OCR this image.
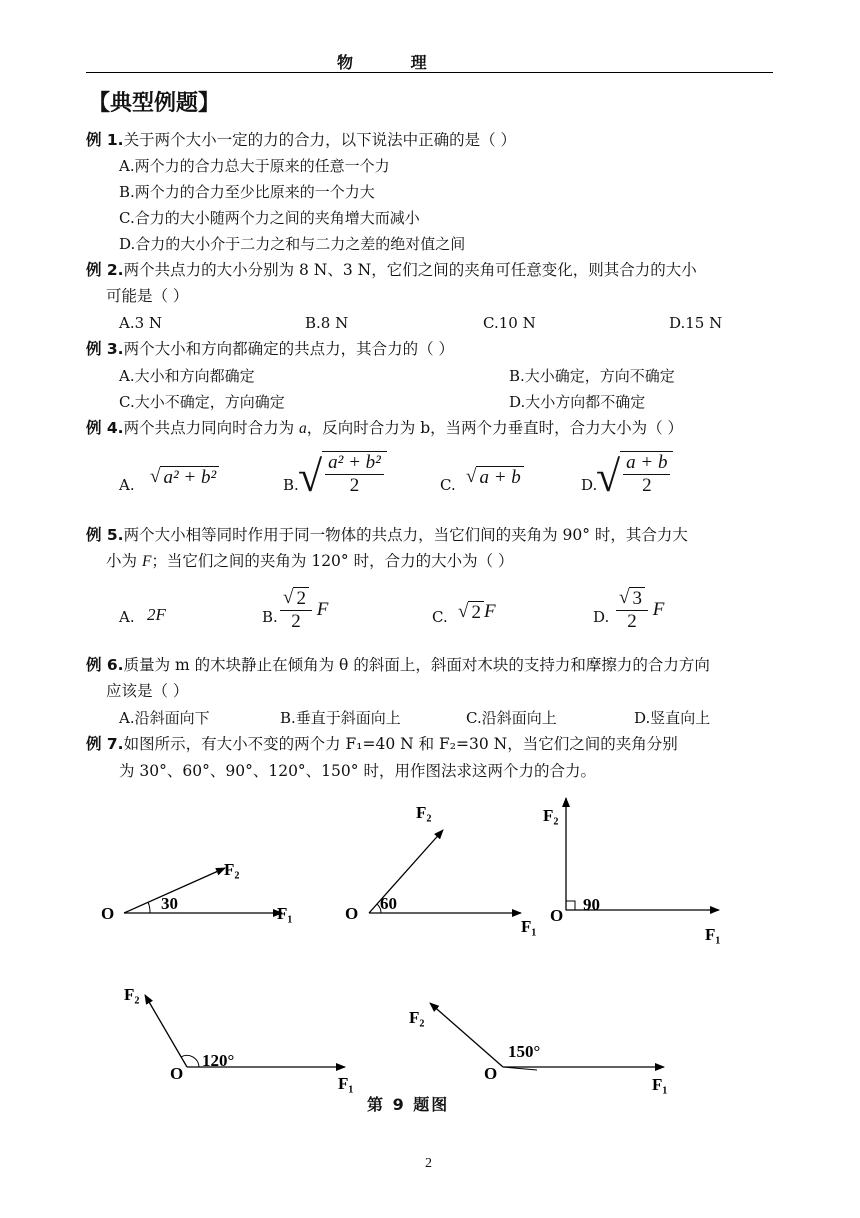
物 理
【典型例题】
例 1.关于两个大小一定的力的合力，以下说法中正确的是（ ）
A.两个力的合力总大于原来的任意一个力
B.两个力的合力至少比原来的一个力大
C.合力的大小随两个力之间的夹角增大而减小
D.合力的大小介于二力之和与二力之差的绝对值之间
例 2.两个共点力的大小分别为 8 N、3 N，它们之间的夹角可任意变化，则其合力的大小
可能是（ ）
A.3 N	B.8 N	C.10 N	D.15 N
例 3.两个大小和方向都确定的共点力，其合力的（ ）
A.大小和方向都确定	B.大小确定，方向不确定
C.大小不确定，方向确定	D.大小方向都不确定
例 4.两个共点力同向时合力为 a，反向时合力为 b，当两个力垂直时，合力大小为（ ）
A. √ a² + b²	B. √ $\frac{\text{a² + b²}}{2}$	C. √ a + b	D.
√ $\frac{a + b}{2}$
例 5.两个大小相等同时作用于同一物体的共点力，当它们间的夹角为 90° 时，其合力大
小为 F；当它们之间的夹角为 120° 时，合力的大小为（ ）
A. 2F	B. $\frac{√ 2}{2}$ F	C. √ 2 F	D. $\frac{√ 3}{2}$ F
例 6.质量为 m 的木块静止在倾角为 θ 的斜面上，斜面对木块的支持力和摩擦力的合力方向
应该是（ ）
A.沿斜面向下	B.垂直于斜面向上	C.沿斜面向上	D.竖直向上
例 7.如图所示，有大小不变的两个力 F₁=40 N 和 F₂=30 N，当它们之间的夹角分别
为 30°、60°、90°、120°、150° 时，用作图法求这两个力的合力。
O	F₁
F₂
30
O
F₁
F₂
60
O
F₁
F₂
90
O
F₁
F₂
120°
O
F₁
F₂
150°
第 9 题图
2
